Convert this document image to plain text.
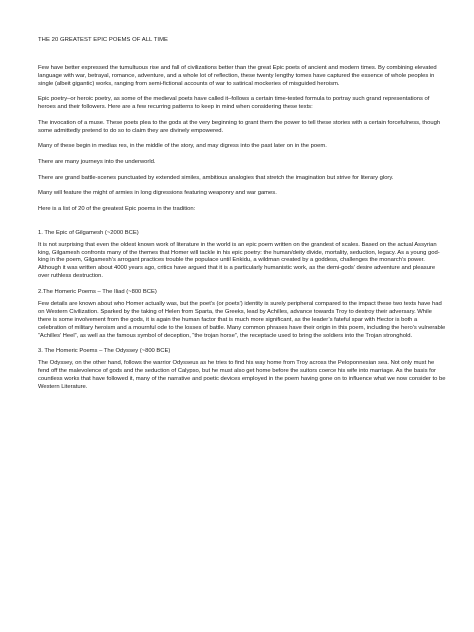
THE 20 GREATEST EPIC POEMS OF ALL TIME

Few have better expressed the tumultuous rise and fall of civilizations better than the great Epic poets of ancient and modern times. By combining elevated language with war, betrayal, romance, adventure, and a whole lot of reflection, these twenty lengthy tomes have captured the essence of whole peoples in single (albeit gigantic) works, ranging from semi-fictional accounts of war to satirical mockeries of misguided heroism.

Epic poetry–or heroic poetry, as some of the medieval poets have called it–follows a certain time-tested formula to portray such grand representations of heroes and their followers. Here are a few recurring patterns to keep in mind when considering these texts:

The invocation of a muse. These poets plea to the gods at the very beginning to grant them the power to tell these stories with a certain forcefulness, though some admittedly pretend to do so to claim they are divinely empowered.

Many of these begin in medias res, in the middle of the story, and may digress into the past later on in the poem.

There are many journeys into the underworld.

There are grand battle-scenes punctuated by extended similes, ambitious analogies that stretch the imagination but strive for literary glory.

Many will feature the might of armies in long digressions featuring weaponry and war games.

Here is a list of 20 of the greatest Epic poems in the tradition:

1. The Epic of Gilgamesh (~2000 BCE)

It is not surprising that even the oldest known work of literature in the world is an epic poem written on the grandest of scales. Based on the actual Assyrian king, Gilgamesh confronts many of the themes that Homer will tackle in his epic poetry: the human/deity divide, mortality, seduction, legacy. As a young god-king in the poem, Gilgamesh’s arrogant practices trouble the populace until Enkidu, a wildman created by a goddess, challenges the monarch’s power. Although it was written about 4000 years ago, critics have argued that it is a particularly humanistic work, as the demi-gods’ desire adventure and pleasure over ruthless destruction.

2.The Homeric Poems – The Iliad (~800 BCE)

Few details are known about who Homer actually was, but the poet’s (or poets’) identity is surely peripheral compared to the impact these two texts have had on Western Civilization. Sparked by the taking of Helen from Sparta, the Greeks, lead by Achilles, advance towards Troy to destroy their adversary. While there is some involvement from the gods, it is again the human factor that is much more significant, as the leader’s fateful spar with Hector is both a celebration of military heroism and a mournful ode to the losses of battle. Many common phrases have their origin in this poem, including the hero’s vulnerable “Achilles’ Heel”, as well as the famous symbol of deception, “the trojan horse”, the receptacle used to bring the soldiers into the Trojan stronghold.

3. The Homeric Poems – The Odyssey (~800 BCE)

The Odyssey, on the other hand, follows the warrior Odysseus as he tries to find his way home from Troy across the Peloponnesian sea. Not only must he fend off the malevolence of gods and the seduction of Calypso, but he must also get home before the suitors coerce his wife into marriage. As the basis for countless works that have followed it, many of the narrative and poetic devices employed in the poem having gone on to influence what we now consider to be Western Literature.
